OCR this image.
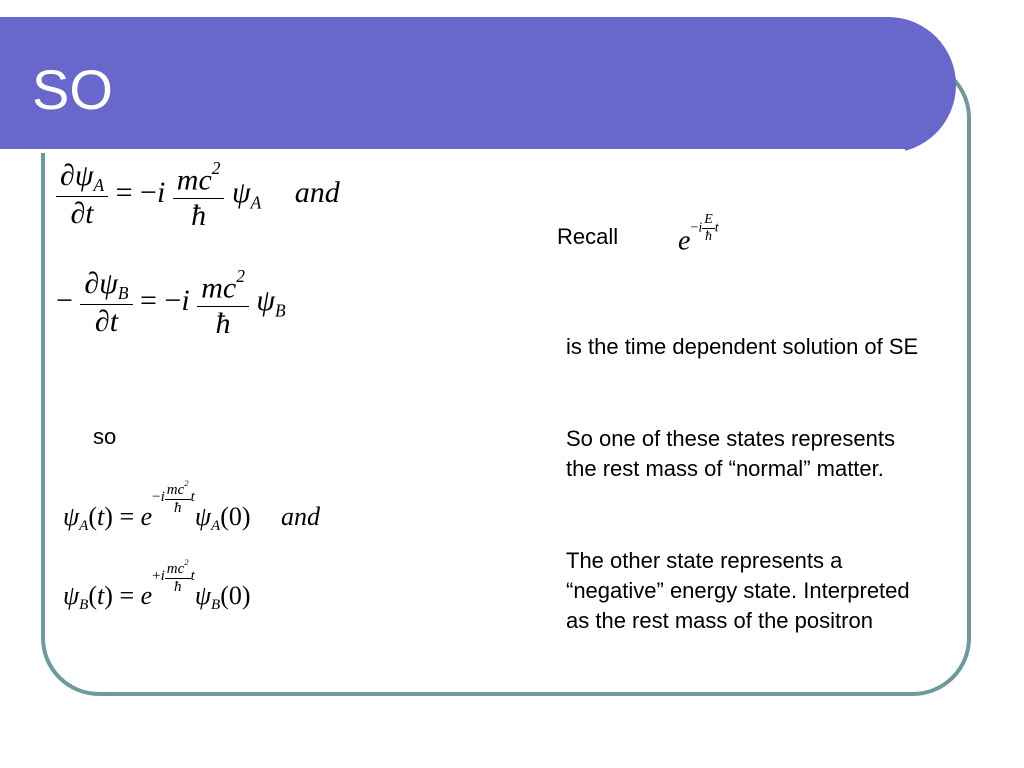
SO
$\frac{\partial\psi_A}{\partial t} = -i \frac{mc^2}{ħ} \psi_A$ and
− $\frac{\partial\psi_B}{\partial t} = -i \frac{mc^2}{ħ} \psi_B$
so
$\psi_A(t) = e-i \frac{mc^2}{ħ} t\psi_A(0)$ and
$\psi_B(t) = e+i \frac{mc^2}{ħ} t\psi_B(0)$
Recall $e-i \frac{E}{ħ}$ t
is the time dependent solution of SE
So one of these states represents the rest mass of “normal” matter.
The other state represents a “negative” energy state. Interpreted as the rest mass of the positron
